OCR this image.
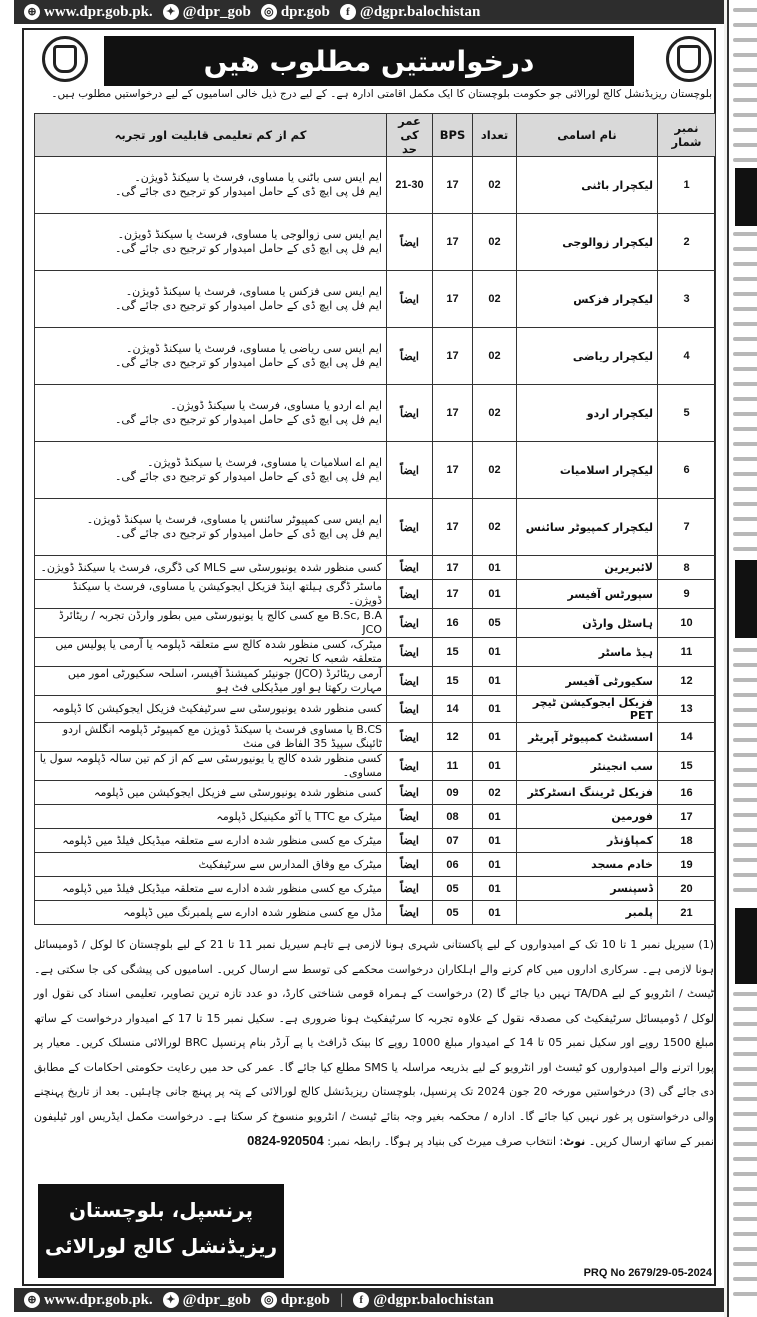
⊕ www.dpr.gob.pk.	✦ @dpr_gob ◎ dpr.gob	f @dgpr.balochistan
درخواستیں مطلوب ھیں
بلوچستان ریزیڈنشل کالج لورالائی جو حکومت بلوچستان کا ایک مکمل اقامتی ادارہ ہے۔ کے لیے درج ذیل خالی اسامیوں کے لیے درخواستیں مطلوب ہیں۔
کم از کم تعلیمی قابلیت اور تجربہ	عمر کی حد	BPS	تعداد	نام اسامی	نمبر شمار

ایم ایس سی باٹنی یا مساوی، فرسٹ یا سیکنڈ ڈویژن۔
ایم فل پی ایچ ڈی کے حامل امیدوار کو ترجیح دی جائے گی۔	21-30	17	02	لیکچرار باٹنی	1

ایم ایس سی زوالوجی یا مساوی، فرسٹ یا سیکنڈ ڈویژن۔
ایم فل پی ایچ ڈی کے حامل امیدوار کو ترجیح دی جائے گی۔	ایضاً	17	02	لیکچرار زوالوجی	2

ایم ایس سی فزکس یا مساوی، فرسٹ یا سیکنڈ ڈویژن۔
ایم فل پی ایچ ڈی کے حامل امیدوار کو ترجیح دی جائے گی۔	ایضاً	17	02	لیکچرار فزکس	3

ایم ایس سی ریاضی یا مساوی، فرسٹ یا سیکنڈ ڈویژن۔
ایم فل پی ایچ ڈی کے حامل امیدوار کو ترجیح دی جائے گی۔	ایضاً	17	02	لیکچرار ریاضی	4

ایم اے اردو یا مساوی، فرسٹ یا سیکنڈ ڈویژن۔
ایم فل پی ایچ ڈی کے حامل امیدوار کو ترجیح دی جائے گی۔	ایضاً	17	02	لیکچرار اردو	5

ایم اے اسلامیات یا مساوی، فرسٹ یا سیکنڈ ڈویژن۔
ایم فل پی ایچ ڈی کے حامل امیدوار کو ترجیح دی جائے گی۔	ایضاً	17	02	لیکچرار اسلامیات	6

ایم ایس سی کمپیوٹر سائنس یا مساوی، فرسٹ یا سیکنڈ ڈویژن۔
ایم فل پی ایچ ڈی کے حامل امیدوار کو ترجیح دی جائے گی۔	ایضاً	17	02	لیکچرار کمپیوٹر سائنس	7

کسی منظور شدہ یونیورسٹی سے MLS کی ڈگری، فرسٹ یا سیکنڈ ڈویژن۔	ایضاً	17	01	لائبریرین	8

ماسٹر ڈگری ہیلتھ اینڈ فزیکل ایجوکیشن یا مساوی، فرسٹ یا سیکنڈ ڈویژن۔	ایضاً	17	01	سپورٹس آفیسر	9

B.Sc, B.A مع کسی کالج یا یونیورسٹی میں بطور وارڈن تجربہ / ریٹائرڈ JCO	ایضاً	16	05	ہاسٹل وارڈن	10

میٹرک، کسی منظور شدہ کالج سے متعلقہ ڈپلومہ یا آرمی یا پولیس میں متعلقہ شعبہ کا تجربہ	ایضاً	15	01	ہیڈ ماسٹر	11

آرمی ریٹائرڈ (JCO) جونیئر کمیشنڈ آفیسر، اسلحہ سکیورٹی امور میں مہارت رکھتا ہو اور میڈیکلی فٹ ہو	ایضاً	15	01	سکیورٹی آفیسر	12

کسی منظور شدہ یونیورسٹی سے سرٹیفکیٹ فزیکل ایجوکیشن کا ڈپلومہ	ایضاً	14	01	فزیکل ایجوکیشن ٹیچر PET	13

B.CS یا مساوی فرسٹ یا سیکنڈ ڈویژن مع کمپیوٹر ڈپلومہ انگلش اردو ٹائپنگ سپیڈ 35 الفاظ فی منٹ	ایضاً	12	01	اسسٹنٹ کمپیوٹر آپریٹر	14

کسی منظور شدہ کالج یا یونیورسٹی سے کم از کم تین سالہ ڈپلومہ سول یا مساوی۔	ایضاً	11	01	سب انجینئر	15

کسی منظور شدہ یونیورسٹی سے فزیکل ایجوکیشن میں ڈپلومہ	ایضاً	09	02	فزیکل ٹریننگ انسٹرکٹر	16

میٹرک مع TTC یا آٹو مکینیکل ڈپلومہ	ایضاً	08	01	فورمین	17

میٹرک مع کسی منظور شدہ ادارے سے متعلقہ میڈیکل فیلڈ میں ڈپلومہ	ایضاً	07	01	کمپاؤنڈر	18

میٹرک مع وفاق المدارس سے سرٹیفکیٹ	ایضاً	06	01	خادم مسجد	19

میٹرک مع کسی منظور شدہ ادارے سے متعلقہ میڈیکل فیلڈ میں ڈپلومہ	ایضاً	05	01	ڈسپنسر	20

مڈل مع کسی منظور شدہ ادارے سے پلمبرنگ میں ڈپلومہ	ایضاً	05	01	پلمبر	21
(1) سیریل نمبر 1 تا 10 تک کے امیدواروں کے لیے پاکستانی شہری ہونا لازمی ہے تاہم سیریل نمبر 11 تا 21 کے لیے بلوچستان کا لوکل / ڈومیسائل ہونا لازمی ہے۔ سرکاری اداروں میں کام کرنے والے اہلکاران درخواست محکمے کی توسط سے ارسال کریں۔ اسامیوں کی پیشگی کی جا سکتی ہے۔ ٹیسٹ / انٹرویو کے لیے TA/DA نہیں دیا جائے گا (2) درخواست کے ہمراہ قومی شناختی کارڈ، دو عدد تازہ ترین تصاویر، تعلیمی اسناد کی نقول اور لوکل / ڈومیسائل سرٹیفکیٹ کی مصدقہ نقول کے علاوہ تجربہ کا سرٹیفکیٹ ہونا ضروری ہے۔ سکیل نمبر 15 تا 17 کے امیدوار درخواست کے ساتھ مبلغ 1500 روپے اور سکیل نمبر 05 تا 14 کے امیدوار مبلغ 1000 روپے کا بینک ڈرافٹ یا پے آرڈر بنام پرنسپل BRC لورالائی منسلک کریں۔ معیار پر پورا اترنے والے امیدواروں کو ٹیسٹ اور انٹرویو کے لیے بذریعہ مراسلہ یا SMS مطلع کیا جائے گا۔ عمر کی حد میں رعایت حکومتی احکامات کے مطابق دی جائے گی (3) درخواستیں مورخہ 20 جون 2024 تک پرنسپل، بلوچستان ریزیڈنشل کالج لورالائی کے پتہ پر پہنچ جانی چاہئیں۔ بعد از تاریخ پہنچنے والی درخواستوں پر غور نہیں کیا جائے گا۔ ادارہ / محکمہ بغیر وجہ بتائے ٹیسٹ / انٹرویو منسوخ کر سکتا ہے۔ درخواست مکمل ایڈریس اور ٹیلیفون نمبر کے ساتھ ارسال کریں۔ نوٹ: انتخاب صرف میرٹ کی بنیاد پر ہوگا۔ رابطہ نمبر: 0824-920504
پرنسپل، بلوچستان
ریزیڈنشل کالج لورالائی
PRQ No 2679/29-05-2024
⊕ www.dpr.gob.pk.	✦ @dpr_gob ◎ dpr.gob |	f @dgpr.balochistan
